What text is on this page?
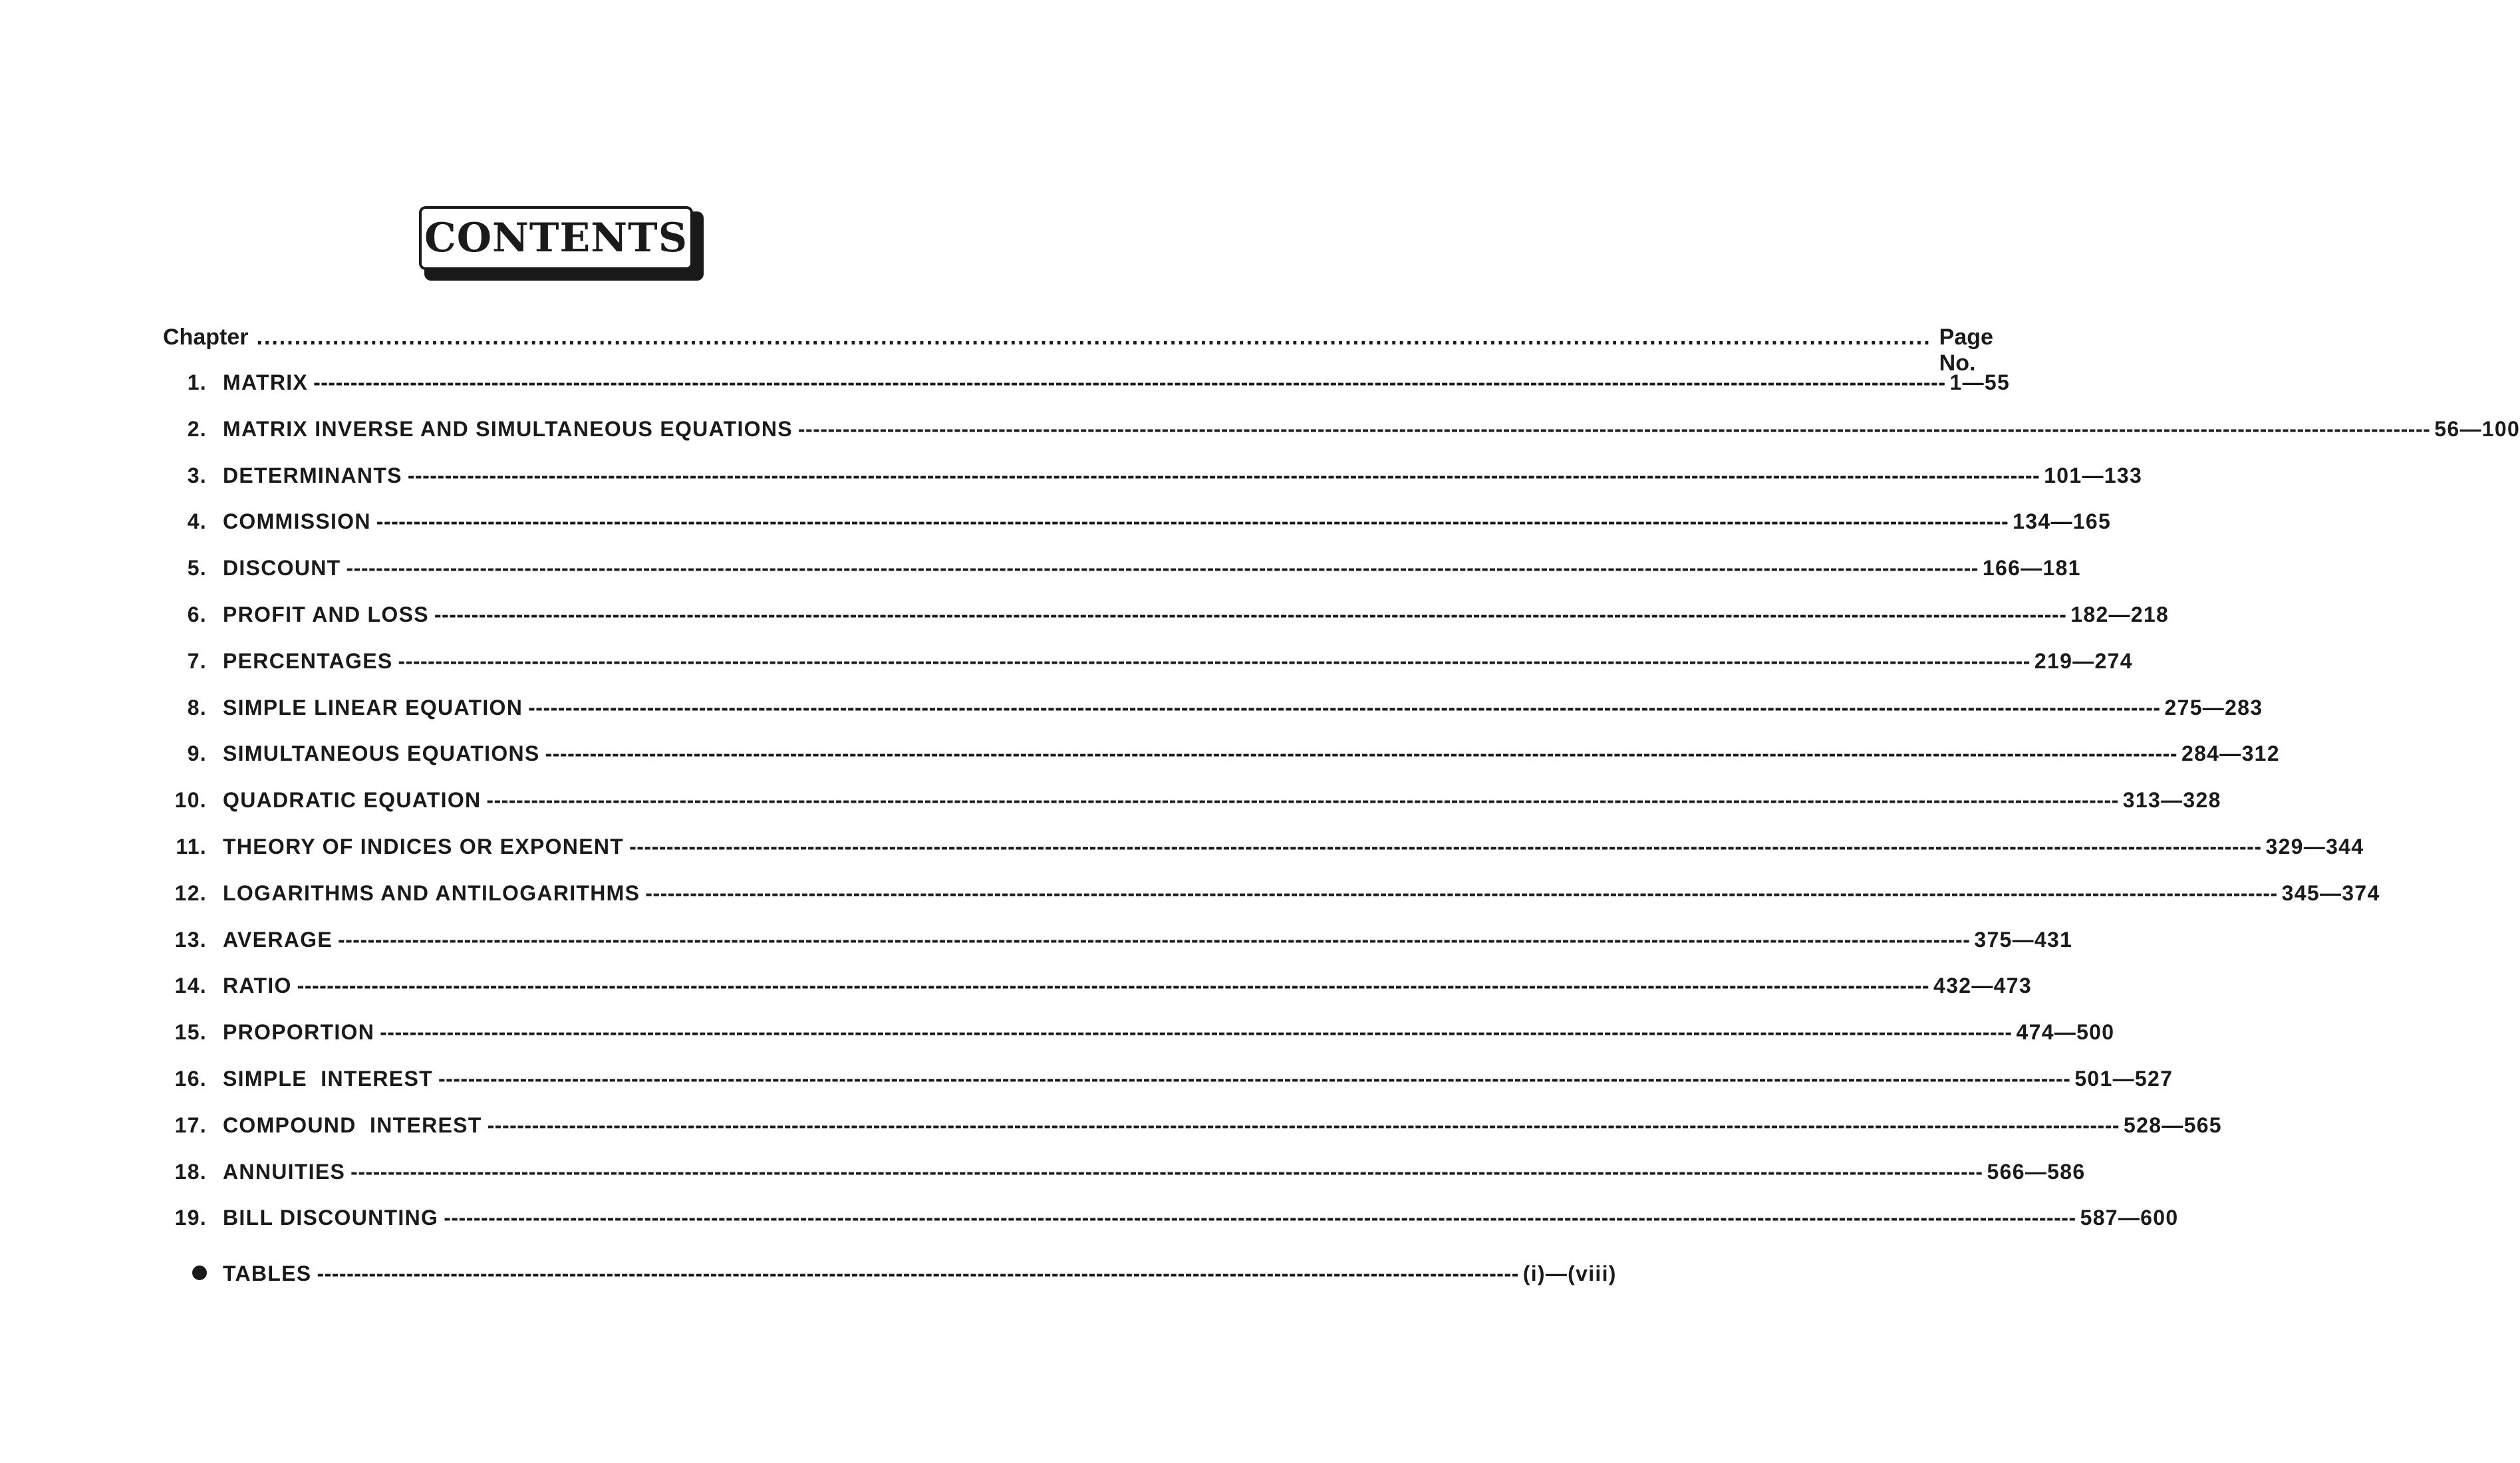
CONTENTS
Chapter ............................................................................................................................................................................................................................ Page No.
1. MATRIX ---------------------------------------------------------------------------------------------------------------------------------------------------------------------------------------------------------------------------- 1—55
2. MATRIX INVERSE AND SIMULTANEOUS EQUATIONS ---------------------------------------------------------------------------------------------------------------------------------------------------------------------------------------------------------------------------- 56—100
3. DETERMINANTS ---------------------------------------------------------------------------------------------------------------------------------------------------------------------------------------------------------------------------- 101—133
4. COMMISSION ---------------------------------------------------------------------------------------------------------------------------------------------------------------------------------------------------------------------------- 134—165
5. DISCOUNT ---------------------------------------------------------------------------------------------------------------------------------------------------------------------------------------------------------------------------- 166—181
6. PROFIT AND LOSS ---------------------------------------------------------------------------------------------------------------------------------------------------------------------------------------------------------------------------- 182—218
7. PERCENTAGES ---------------------------------------------------------------------------------------------------------------------------------------------------------------------------------------------------------------------------- 219—274
8. SIMPLE LINEAR EQUATION ---------------------------------------------------------------------------------------------------------------------------------------------------------------------------------------------------------------------------- 275—283
9. SIMULTANEOUS EQUATIONS ---------------------------------------------------------------------------------------------------------------------------------------------------------------------------------------------------------------------------- 284—312
10. QUADRATIC EQUATION ---------------------------------------------------------------------------------------------------------------------------------------------------------------------------------------------------------------------------- 313—328
11. THEORY OF INDICES OR EXPONENT ---------------------------------------------------------------------------------------------------------------------------------------------------------------------------------------------------------------------------- 329—344
12. LOGARITHMS AND ANTILOGARITHMS ---------------------------------------------------------------------------------------------------------------------------------------------------------------------------------------------------------------------------- 345—374
13. AVERAGE ---------------------------------------------------------------------------------------------------------------------------------------------------------------------------------------------------------------------------- 375—431
14. RATIO ---------------------------------------------------------------------------------------------------------------------------------------------------------------------------------------------------------------------------- 432—473
15. PROPORTION ---------------------------------------------------------------------------------------------------------------------------------------------------------------------------------------------------------------------------- 474—500
16. SIMPLE  INTEREST ---------------------------------------------------------------------------------------------------------------------------------------------------------------------------------------------------------------------------- 501—527
17. COMPOUND  INTEREST ---------------------------------------------------------------------------------------------------------------------------------------------------------------------------------------------------------------------------- 528—565
18. ANNUITIES ---------------------------------------------------------------------------------------------------------------------------------------------------------------------------------------------------------------------------- 566—586
19. BILL DISCOUNTING ---------------------------------------------------------------------------------------------------------------------------------------------------------------------------------------------------------------------------- 587—600
TABLES ------------------------------------------------------------------------------------------------------------------------------------------------------------------ (i)—(viii)
